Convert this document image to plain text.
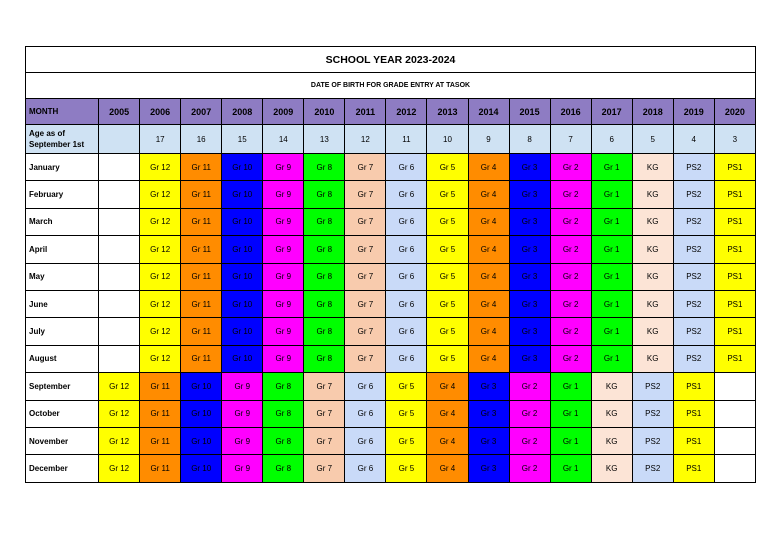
SCHOOL YEAR 2023-2024																
DATE OF BIRTH FOR GRADE ENTRY AT TASOK																
MONTH	2005	2006	2007	2008	2009	2010	2011	2012	2013	2014	2015	2016	2017	2018	2019	2020
Age as of September 1st		17	16	15	14	13	12	11	10	9	8	7	6	5	4	3
January		Gr 12	Gr 11	Gr 10	Gr 9	Gr 8	Gr 7	Gr 6	Gr 5	Gr 4	Gr 3	Gr 2	Gr 1	KG	PS2	PS1
February		Gr 12	Gr 11	Gr 10	Gr 9	Gr 8	Gr 7	Gr 6	Gr 5	Gr 4	Gr 3	Gr 2	Gr 1	KG	PS2	PS1
March		Gr 12	Gr 11	Gr 10	Gr 9	Gr 8	Gr 7	Gr 6	Gr 5	Gr 4	Gr 3	Gr 2	Gr 1	KG	PS2	PS1
April		Gr 12	Gr 11	Gr 10	Gr 9	Gr 8	Gr 7	Gr 6	Gr 5	Gr 4	Gr 3	Gr 2	Gr 1	KG	PS2	PS1
May		Gr 12	Gr 11	Gr 10	Gr 9	Gr 8	Gr 7	Gr 6	Gr 5	Gr 4	Gr 3	Gr 2	Gr 1	KG	PS2	PS1
June		Gr 12	Gr 11	Gr 10	Gr 9	Gr 8	Gr 7	Gr 6	Gr 5	Gr 4	Gr 3	Gr 2	Gr 1	KG	PS2	PS1
July		Gr 12	Gr 11	Gr 10	Gr 9	Gr 8	Gr 7	Gr 6	Gr 5	Gr 4	Gr 3	Gr 2	Gr 1	KG	PS2	PS1
August		Gr 12	Gr 11	Gr 10	Gr 9	Gr 8	Gr 7	Gr 6	Gr 5	Gr 4	Gr 3	Gr 2	Gr 1	KG	PS2	PS1
September	Gr 12	Gr 11	Gr 10	Gr 9	Gr 8	Gr 7	Gr 6	Gr 5	Gr 4	Gr 3	Gr 2	Gr 1	KG	PS2	PS1	
October	Gr 12	Gr 11	Gr 10	Gr 9	Gr 8	Gr 7	Gr 6	Gr 5	Gr 4	Gr 3	Gr 2	Gr 1	KG	PS2	PS1	
November	Gr 12	Gr 11	Gr 10	Gr 9	Gr 8	Gr 7	Gr 6	Gr 5	Gr 4	Gr 3	Gr 2	Gr 1	KG	PS2	PS1	
December	Gr 12	Gr 11	Gr 10	Gr 9	Gr 8	Gr 7	Gr 6	Gr 5	Gr 4	Gr 3	Gr 2	Gr 1	KG	PS2	PS1	
